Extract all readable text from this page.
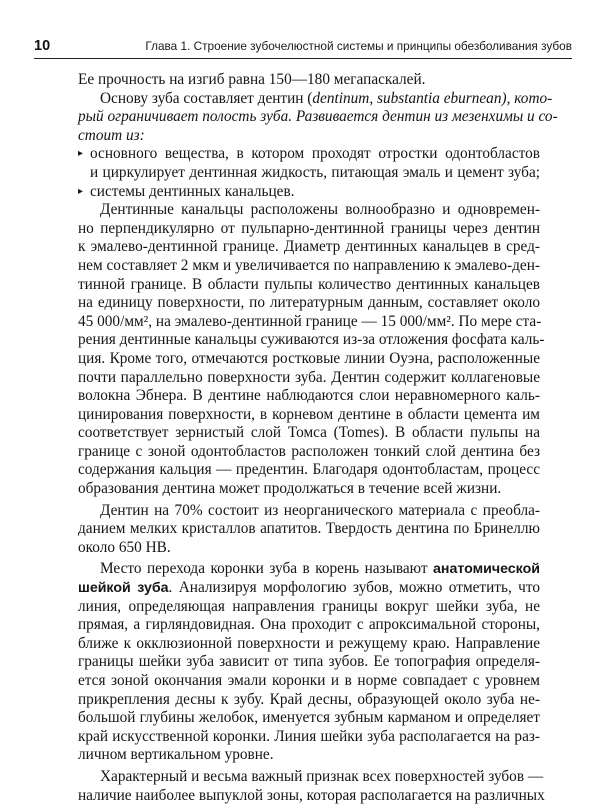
10	Глава 1. Строение зубочелюстной системы и принципы обезболивания зубов
Ее прочность на изгиб равна 150—180 мегапаскалей.
Основу зуба составляет дентин (dentinum, substantia eburnean), кото-
рый ограничивает полость зуба. Развивается дентин из мезенхимы и со-
стоит из:
▸ основного вещества, в котором проходят отростки одонтобластов
и циркулирует дентинная жидкость, питающая эмаль и цемент зуба;
▸ системы дентинных канальцев.
Дентинные канальцы расположены волнообразно и одновремен-
но перпендикулярно от пульпарно-дентинной границы через дентин
к эмалево-дентинной границе. Диаметр дентинных канальцев в сред-
нем составляет 2 мкм и увеличивается по направлению к эмалево-ден-
тинной границе. В области пульпы количество дентинных канальцев
на единицу поверхности, по литературным данным, составляет около
45 000/мм², на эмалево-дентинной границе — 15 000/мм². По мере ста-
рения дентинные канальцы суживаются из-за отложения фосфата каль-
ция. Кроме того, отмечаются ростковые линии Оуэна, расположенные
почти параллельно поверхности зуба. Дентин содержит коллагеновые
волокна Эбнера. В дентине наблюдаются слои неравномерного каль-
цинирования поверхности, в корневом дентине в области цемента им
соответствует зернистый слой Томса (Tomes). В области пульпы на
границе с зоной одонтобластов расположен тонкий слой дентина без
содержания кальция — предентин. Благодаря одонтобластам, процесс
образования дентина может продолжаться в течение всей жизни.
Дентин на 70% состоит из неорганического материала с преобла-
данием мелких кристаллов апатитов. Твердость дентина по Бринеллю
около 650 НВ.
Место перехода коронки зуба в корень называют анатомической
шейкой зуба. Анализируя морфологию зубов, можно отметить, что
линия, определяющая направления границы вокруг шейки зуба, не
прямая, а гирляндовидная. Она проходит с апроксимальной стороны,
ближе к окклюзионной поверхности и режущему краю. Направление
границы шейки зуба зависит от типа зубов. Ее топография определя-
ется зоной окончания эмали коронки и в норме совпадает с уровнем
прикрепления десны к зубу. Край десны, образующей около зуба не-
большой глубины желобок, именуется зубным карманом и определяет
край искусственной коронки. Линия шейки зуба располагается на раз-
личном вертикальном уровне.
Характерный и весьма важный признак всех поверхностей зубов —
наличие наиболее выпуклой зоны, которая располагается на различных
